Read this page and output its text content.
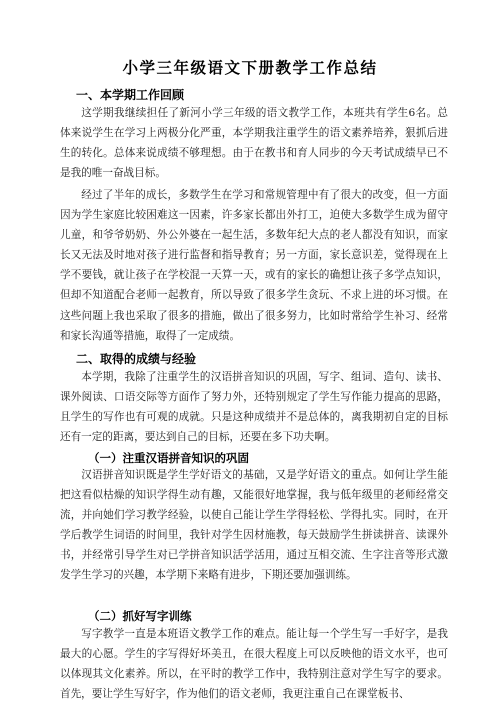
小学三年级语文下册教学工作总结
一、本学期工作回顾
这学期我继续担任了新河小学三年级的语文教学工作，本班共有学生6名。总体来说学生在学习上两极分化严重，本学期我注重学生的语文素养培养，狠抓后进生的转化。总体来说成绩不够理想。由于在教书和育人同步的今天考试成绩早已不是我的唯一奋战目标。
经过了半年的成长，多数学生在学习和常规管理中有了很大的改变，但一方面因为学生家庭比较困难这一因素，许多家长都出外打工，迫使大多数学生成为留守儿童，和爷爷奶奶、外公外婆在一起生活，多数年纪大点的老人都没有知识，而家长又无法及时地对孩子进行监督和指导教育；另一方面，家长意识差，觉得现在上学不要钱，就让孩子在学校混一天算一天，或有的家长的确想让孩子多学点知识，但却不知道配合老师一起教育，所以导致了很多学生贪玩、不求上进的坏习惯。在这些问题上我也采取了很多的措施，做出了很多努力，比如时常给学生补习、经常和家长沟通等措施，取得了一定成绩。
二、取得的成绩与经验
本学期，我除了注重学生的汉语拼音知识的巩固，写字、组词、造句、读书、课外阅读、口语交际等方面作了努力外，还特别规定了学生写作能力提高的思路，且学生的写作也有可观的成就。只是这种成绩并不是总体的，离我期初自定的目标还有一定的距离，要达到自己的目标，还要在多下功夫啊。
（一）注重汉语拼音知识的巩固
汉语拼音知识既是学生学好语文的基础，又是学好语文的重点。如何让学生能把这看似枯燥的知识学得生动有趣，又能很好地掌握，我与低年级里的老师经常交流，并向她们学习教学经验，以使自己能让学生学得轻松、学得扎实。同时，在开学后教学生词语的时间里，我针对学生因材施教，每天鼓励学生拼读拼音、读课外书，并经常引导学生对已学拼音知识活学活用，通过互相交流、生字注音等形式激发学生学习的兴趣，本学期下来略有进步，下期还要加强训练。
（二）抓好写字训练
写字教学一直是本班语文教学工作的难点。能让每一个学生写一手好字，是我最大的心愿。学生的字写得好坏美丑，在很大程度上可以反映他的语文水平，也可以体现其文化素养。所以，在平时的教学工作中，我特别注意对学生写字的要求。首先，要让学生写好字，作为他们的语文老师，我更注重自己在课堂板书、
